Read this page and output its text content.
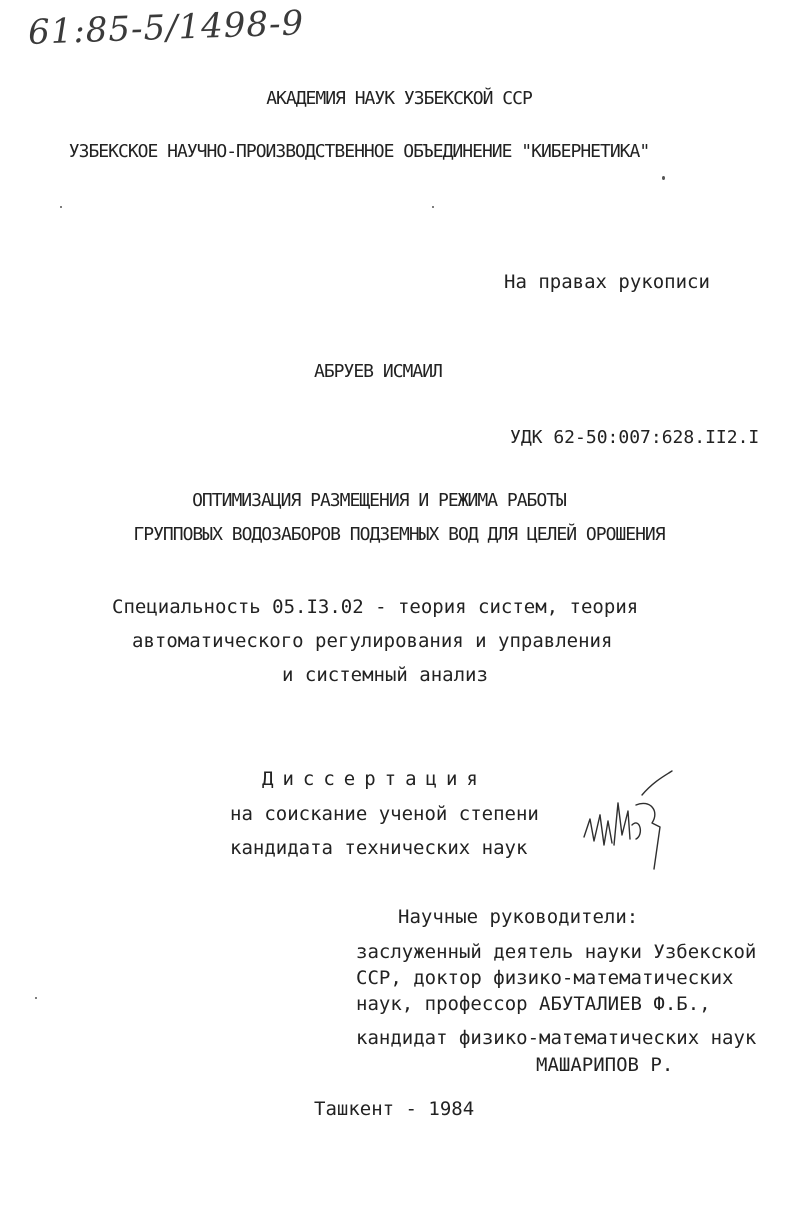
61:85-5/1498-9
АКАДЕМИЯ НАУК УЗБЕКСКОЙ ССР
УЗБЕКСКОЕ НАУЧНО-ПРОИЗВОДСТВЕННОЕ ОБЪЕДИНЕНИЕ "КИБЕРНЕТИКА"
На правах рукописи
АБРУЕВ ИСМАИЛ
УДК 62-50:007:628.II2.I
ОПТИМИЗАЦИЯ РАЗМЕЩЕНИЯ И РЕЖИМА РАБОТЫ
ГРУППОВЫХ ВОДОЗАБОРОВ ПОДЗЕМНЫХ ВОД ДЛЯ ЦЕЛЕЙ ОРОШЕНИЯ
Специальность 05.I3.02 - теория систем, теория
автоматического регулирования и управления
и системный анализ
Диссертация
на соискание ученой степени
кандидата технических наук
Научные руководители:
заслуженный деятель науки Узбекской
ССР, доктор физико-математических
наук, профессор АБУТАЛИЕВ Ф.Б.,
кандидат физико-математических наук
МАШАРИПОВ Р.
Ташкент - 1984
